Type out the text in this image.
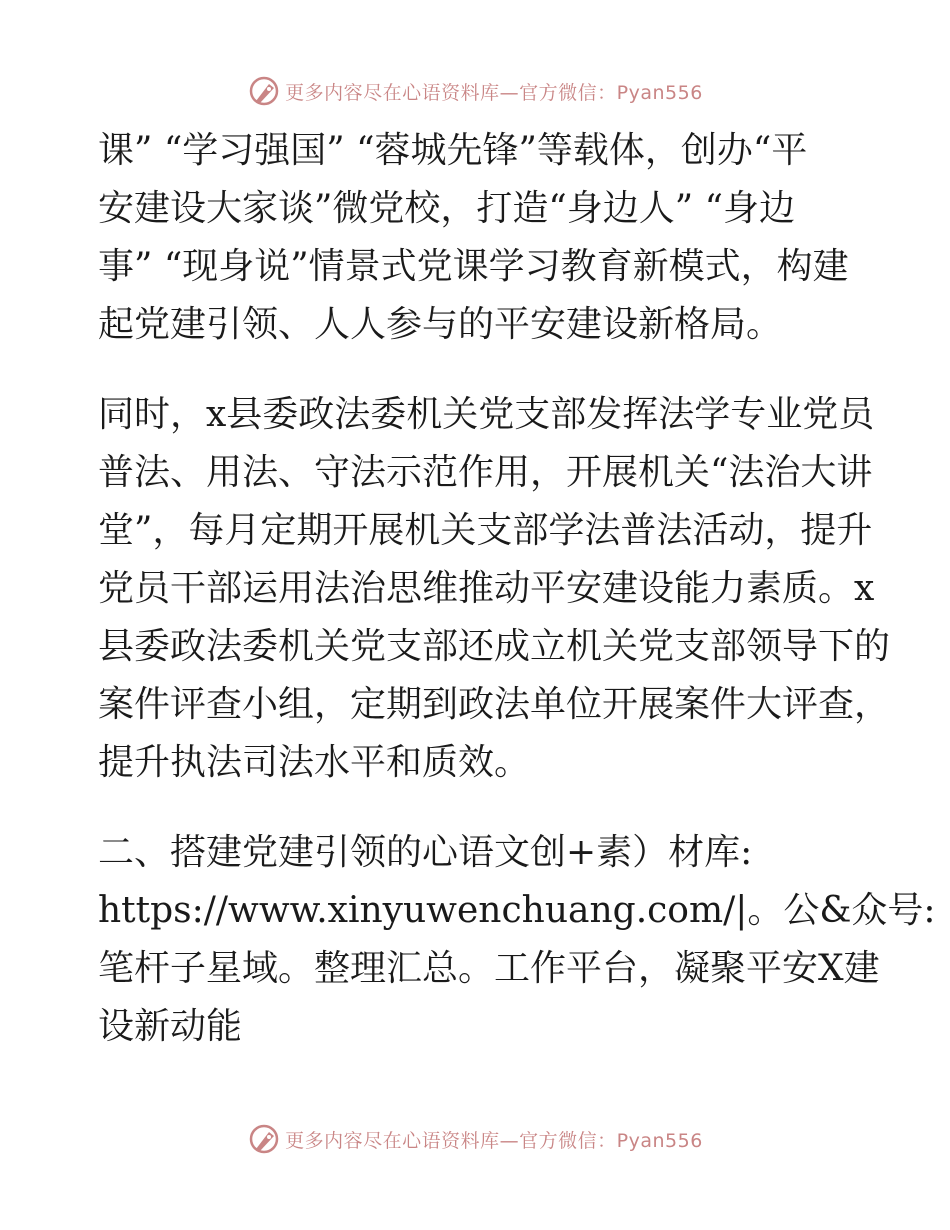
更多内容尽在心语资料库—官方微信：Pyan556
课” “学习强国” “蓉城先锋”等载体，创办“平
安建设大家谈”微党校，打造“身边人” “身边
事” “现身说”情景式党课学习教育新模式，构建
起党建引领、人人参与的平安建设新格局。
同时，x县委政法委机关党支部发挥法学专业党员
普法、用法、守法示范作用，开展机关“法治大讲
堂”，每月定期开展机关支部学法普法活动，提升
党员干部运用法治思维推动平安建设能力素质。x
县委政法委机关党支部还成立机关党支部领导下的
案件评查小组，定期到政法单位开展案件大评查，
提升执法司法水平和质效。
二、搭建党建引领的心语文创+素）材库:
https://www.xinyuwenchuang.com/|。公&众号:
笔杆子星域。整理汇总。工作平台，凝聚平安X建
设新动能
更多内容尽在心语资料库—官方微信：Pyan556
